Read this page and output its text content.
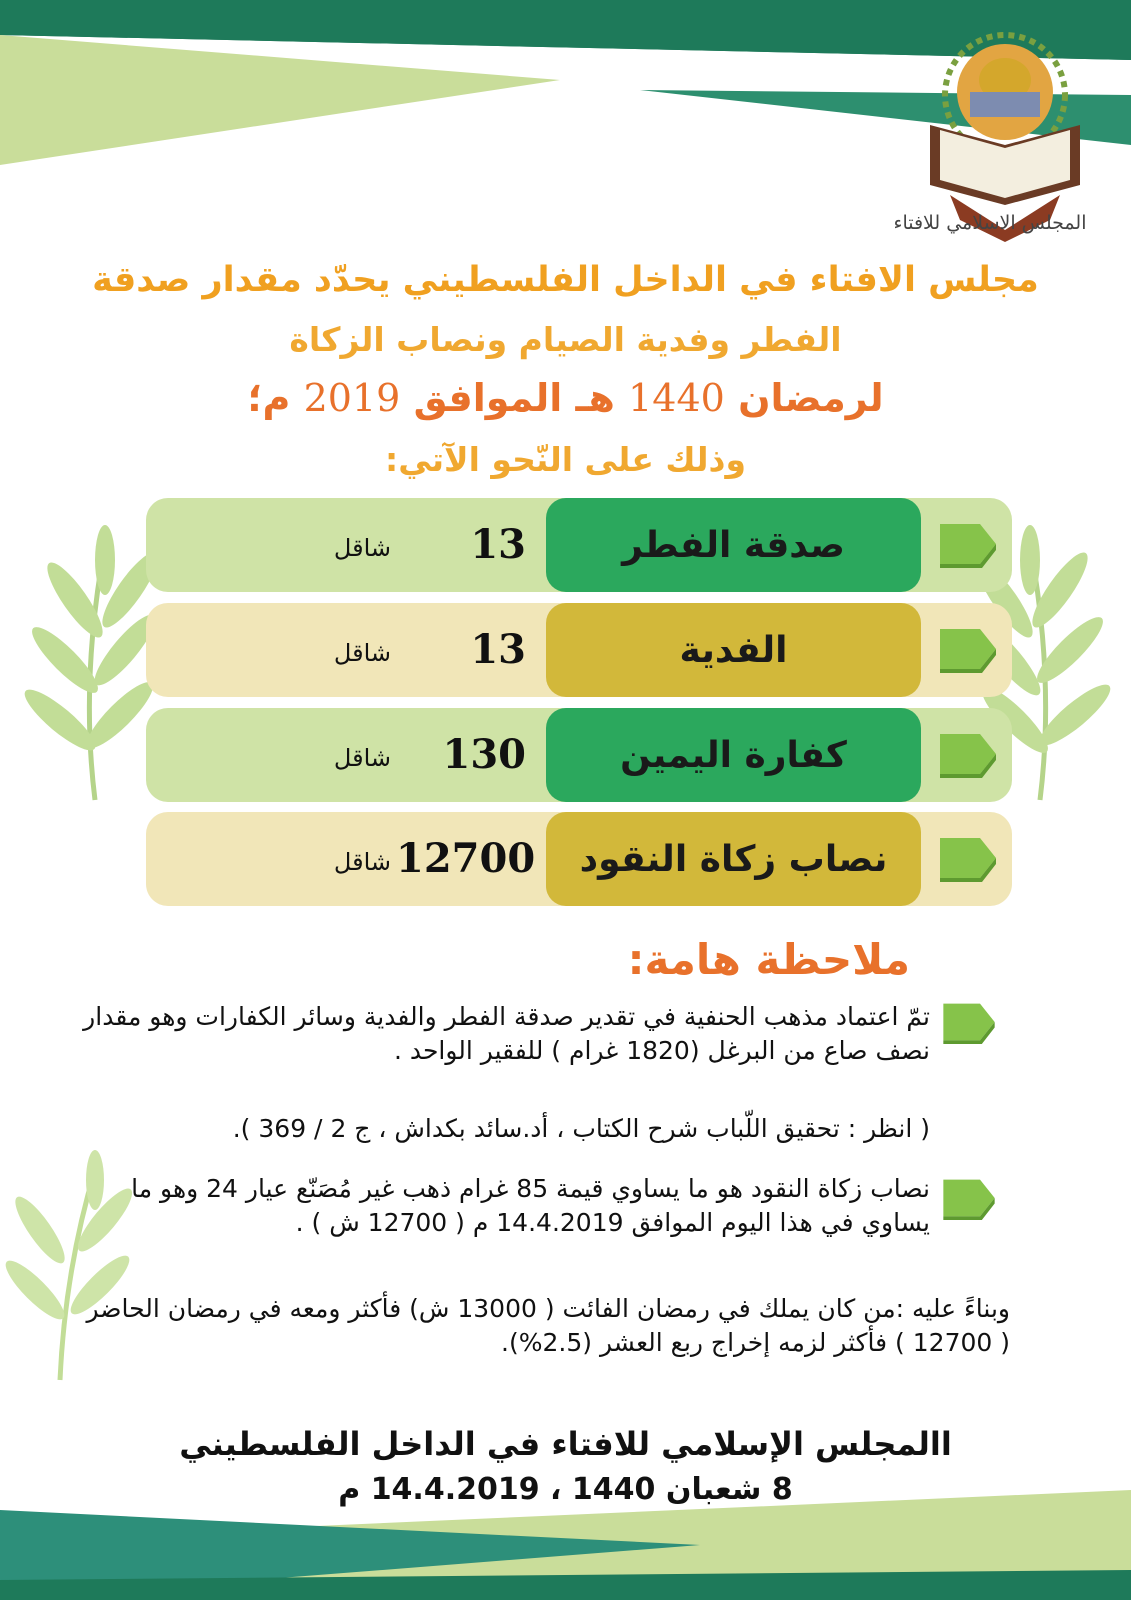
المجلس الاسلامي للافتاء
مجلس الافتاء في الداخل الفلسطيني يحدّد مقدار صدقة
الفطر وفدية الصيام ونصاب الزكاة
لرمضان 1440 هـ الموافق 2019 م؛
وذلك على النّحو الآتي:
شاقل	13	صدقة الفطر
شاقل	13	الفدية
شاقل	130	كفارة اليمين
شاقل 12700	نصاب زكاة النقود
ملاحظة هامة:
تمّ اعتماد مذهب الحنفية في تقدير صدقة الفطر والفدية وسائر الكفارات وهو مقدار نصف صاع من البرغل (1820 غرام ) للفقير الواحد .
( انظر : تحقيق اللّباب شرح الكتاب ، أد.سائد بكداش ، ج 2 / 369 ).
نصاب زكاة النقود هو ما يساوي قيمة 85 غرام ذهب غير مُصَنّع عيار 24 وهو ما يساوي في هذا اليوم الموافق 14.4.2019 م ( 12700 ش ) .
وبناءً عليه :من كان يملك في رمضان الفائت ( 13000 ش) فأكثر ومعه في رمضان الحاضر ( 12700 ) فأكثر لزمه إخراج ربع العشر (2.5%).
االمجلس الإسلامي للافتاء في الداخل الفلسطيني
8 شعبان 1440 ، 14.4.2019 م
